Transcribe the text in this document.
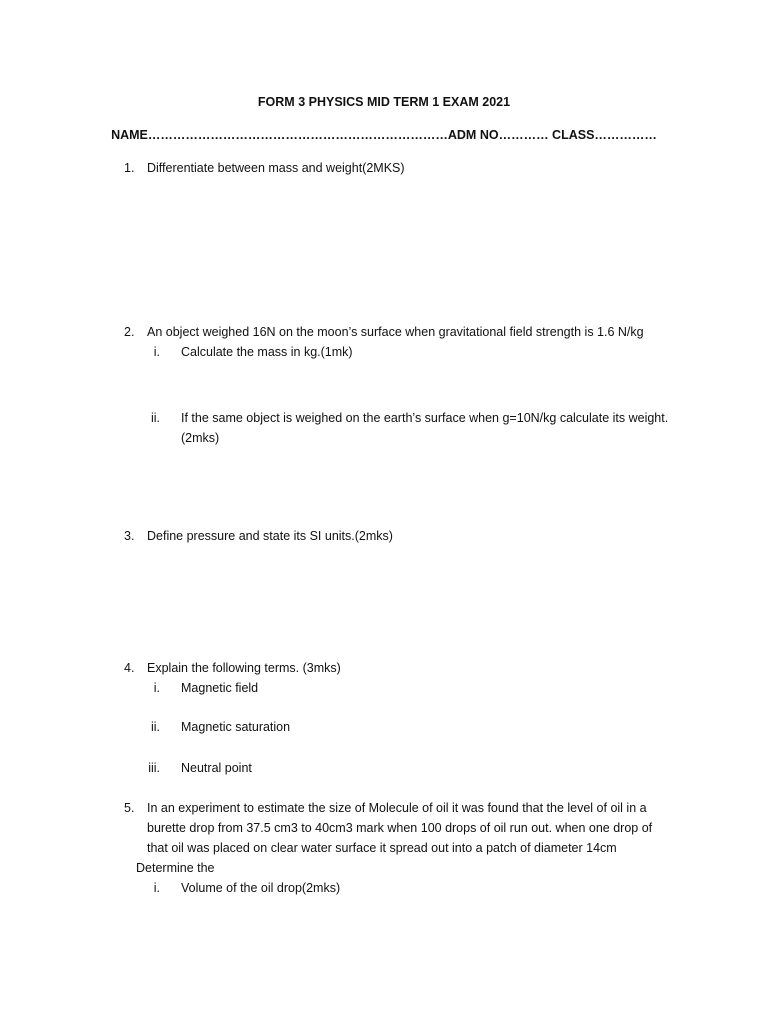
FORM 3 PHYSICS MID TERM 1 EXAM 2021
NAME………………………………………………………………ADM NO………… CLASS……………
1. Differentiate between mass and weight(2MKS)
2. An object weighed 16N on the moon’s surface when gravitational field strength is 1.6 N/kg
i. Calculate the mass in kg.(1mk)
ii. If the same object is weighed on the earth’s surface when g=10N/kg calculate its weight.
(2mks)
3. Define pressure and state its SI units.(2mks)
4. Explain the following terms. (3mks)
i. Magnetic field
ii. Magnetic saturation
iii. Neutral point
5. In an experiment to estimate the size of Molecule of oil it was found that the level of oil in a
burette drop from 37.5 cm3 to 40cm3 mark when 100 drops of oil run out. when one drop of
that oil was placed on clear water surface it spread out into a patch of diameter 14cm
Determine the
i. Volume of the oil drop(2mks)
